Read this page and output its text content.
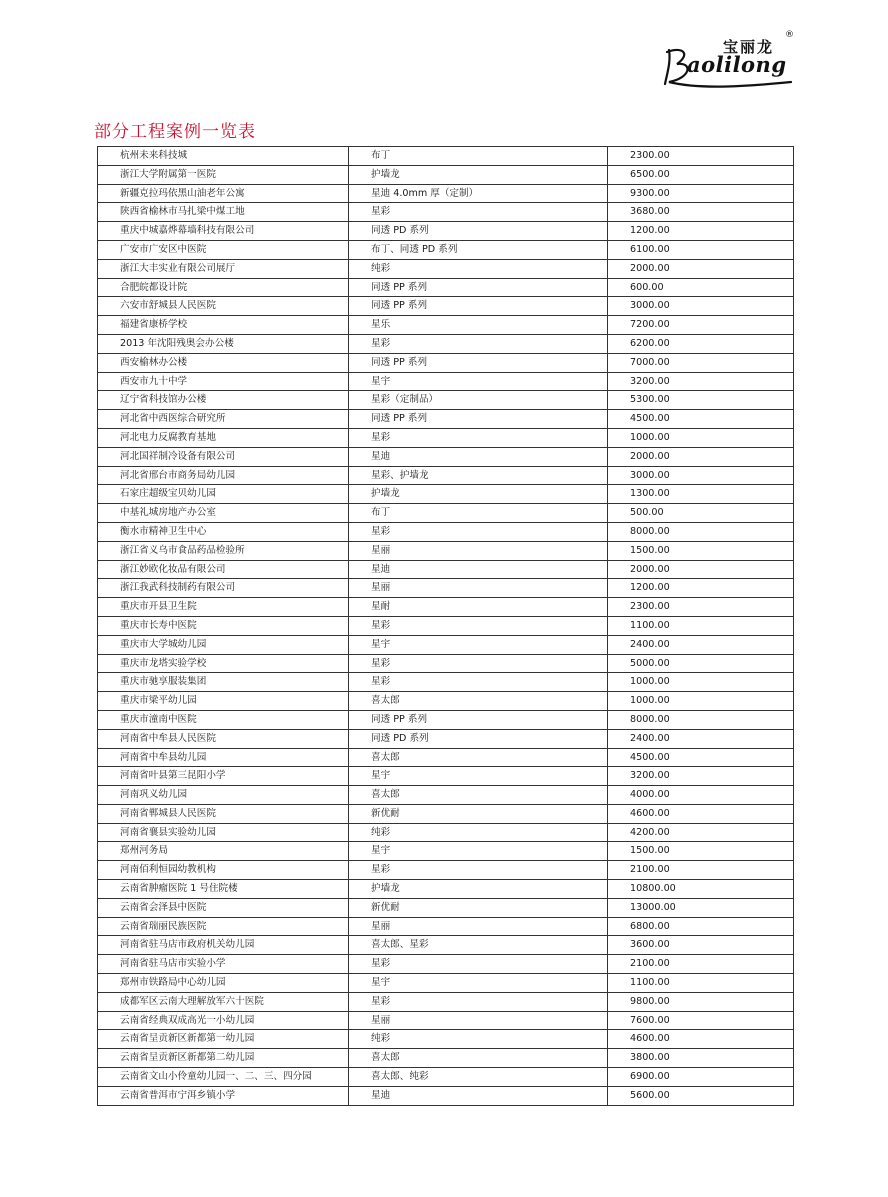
宝丽龙
®
aolilong
部分工程案例一览表
杭州未来科技城	布丁	2300.00
浙江大学附属第一医院	护墙龙	6500.00
新疆克拉玛依黑山油老年公寓	星迪 4.0mm 厚（定制）	9300.00
陕西省榆林市马扎梁中煤工地	星彩	3680.00
重庆中城嘉烨幕墙科技有限公司	同透 PD 系列	1200.00
广安市广安区中医院	布丁、同透 PD 系列	6100.00
浙江大丰实业有限公司展厅	纯彩	2000.00
合肥皖都设计院	同透 PP 系列	600.00
六安市舒城县人民医院	同透 PP 系列	3000.00
福建省康桥学校	星乐	7200.00
2013 年沈阳残奥会办公楼	星彩	6200.00
西安榆林办公楼	同透 PP 系列	7000.00
西安市九十中学	星宇	3200.00
辽宁省科技馆办公楼	星彩（定制品）	5300.00
河北省中西医综合研究所	同透 PP 系列	4500.00
河北电力反腐教育基地	星彩	1000.00
河北国祥制冷设备有限公司	星迪	2000.00
河北省邢台市商务局幼儿园	星彩、护墙龙	3000.00
石家庄超级宝贝幼儿园	护墙龙	1300.00
中基礼城房地产办公室	布丁	500.00
衡水市精神卫生中心	星彩	8000.00
浙江省义乌市食品药品检验所	星丽	1500.00
浙江妙欧化妆品有限公司	星迪	2000.00
浙江我武科技制药有限公司	星丽	1200.00
重庆市开县卫生院	星耐	2300.00
重庆市长寿中医院	星彩	1100.00
重庆市大学城幼儿园	星宇	2400.00
重庆市龙塔实验学校	星彩	5000.00
重庆市驰享服装集团	星彩	1000.00
重庆市梁平幼儿园	喜太郎	1000.00
重庆市潼南中医院	同透 PP 系列	8000.00
河南省中牟县人民医院	同透 PD 系列	2400.00
河南省中牟县幼儿园	喜太郎	4500.00
河南省叶县第三昆阳小学	星宇	3200.00
河南巩义幼儿园	喜太郎	4000.00
河南省郸城县人民医院	新优耐	4600.00
河南省襄县实验幼儿园	纯彩	4200.00
郑州河务局	星宇	1500.00
河南佰利恒园幼教机构	星彩	2100.00
云南省肿瘤医院 1 号住院楼	护墙龙	10800.00
云南省会泽县中医院	新优耐	13000.00
云南省瑞丽民族医院	星丽	6800.00
河南省驻马店市政府机关幼儿园	喜太郎、星彩	3600.00
河南省驻马店市实验小学	星彩	2100.00
郑州市铁路局中心幼儿园	星宇	1100.00
成都军区云南大理解放军六十医院	星彩	9800.00
云南省经典双成高光一小幼儿园	星丽	7600.00
云南省呈贡新区新都第一幼儿园	纯彩	4600.00
云南省呈贡新区新都第二幼儿园	喜太郎	3800.00
云南省文山小伶童幼儿园一、二、三、四分园	喜太郎、纯彩	6900.00
云南省普洱市宁洱乡镇小学	星迪	5600.00
